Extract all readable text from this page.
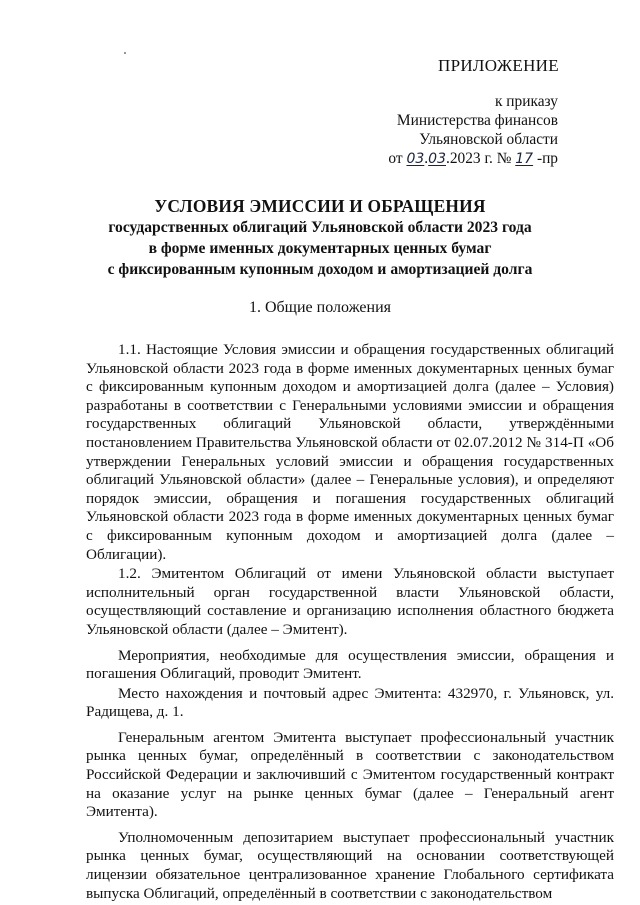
ПРИЛОЖЕНИЕ
к приказу
Министерства финансов
Ульяновской области
от 03.03.2023 г. № 17 -пр
УСЛОВИЯ ЭМИССИИ И ОБРАЩЕНИЯ
государственных облигаций Ульяновской области 2023 года
в форме именных документарных ценных бумаг
с фиксированным купонным доходом и амортизацией долга
1. Общие положения

1.1. Настоящие Условия эмиссии и обращения государственных облигаций Ульяновской области 2023 года в форме именных документарных ценных бумаг с фиксированным купонным доходом и амортизацией долга (далее – Условия) разработаны в соответствии с Генеральными условиями эмиссии и обращения государственных облигаций Ульяновской области, утверждёнными постановлением Правительства Ульяновской области от 02.07.2012 № 314-П «Об утверждении Генеральных условий эмиссии и обращения государственных облигаций Ульяновской области» (далее – Генеральные условия), и определяют порядок эмиссии, обращения и погашения государственных облигаций Ульяновской области 2023 года в форме именных документарных ценных бумаг с фиксированным купонным доходом и амортизацией долга (далее – Облигации).

1.2. Эмитентом Облигаций от имени Ульяновской области выступает исполнительный орган государственной власти Ульяновской области, осуществляющий составление и организацию исполнения областного бюджета Ульяновской области (далее – Эмитент).

Мероприятия, необходимые для осуществления эмиссии, обращения и погашения Облигаций, проводит Эмитент.

Место нахождения и почтовый адрес Эмитента: 432970, г. Ульяновск, ул. Радищева, д. 1.

Генеральным агентом Эмитента выступает профессиональный участник рынка ценных бумаг, определённый в соответствии с законодательством Российской Федерации и заключивший с Эмитентом государственный контракт на оказание услуг на рынке ценных бумаг (далее – Генеральный агент Эмитента).

Уполномоченным депозитарием выступает профессиональный участник рынка ценных бумаг, осуществляющий на основании соответствующей лицензии обязательное централизованное хранение Глобального сертификата выпуска Облигаций, определённый в соответствии с законодательством
